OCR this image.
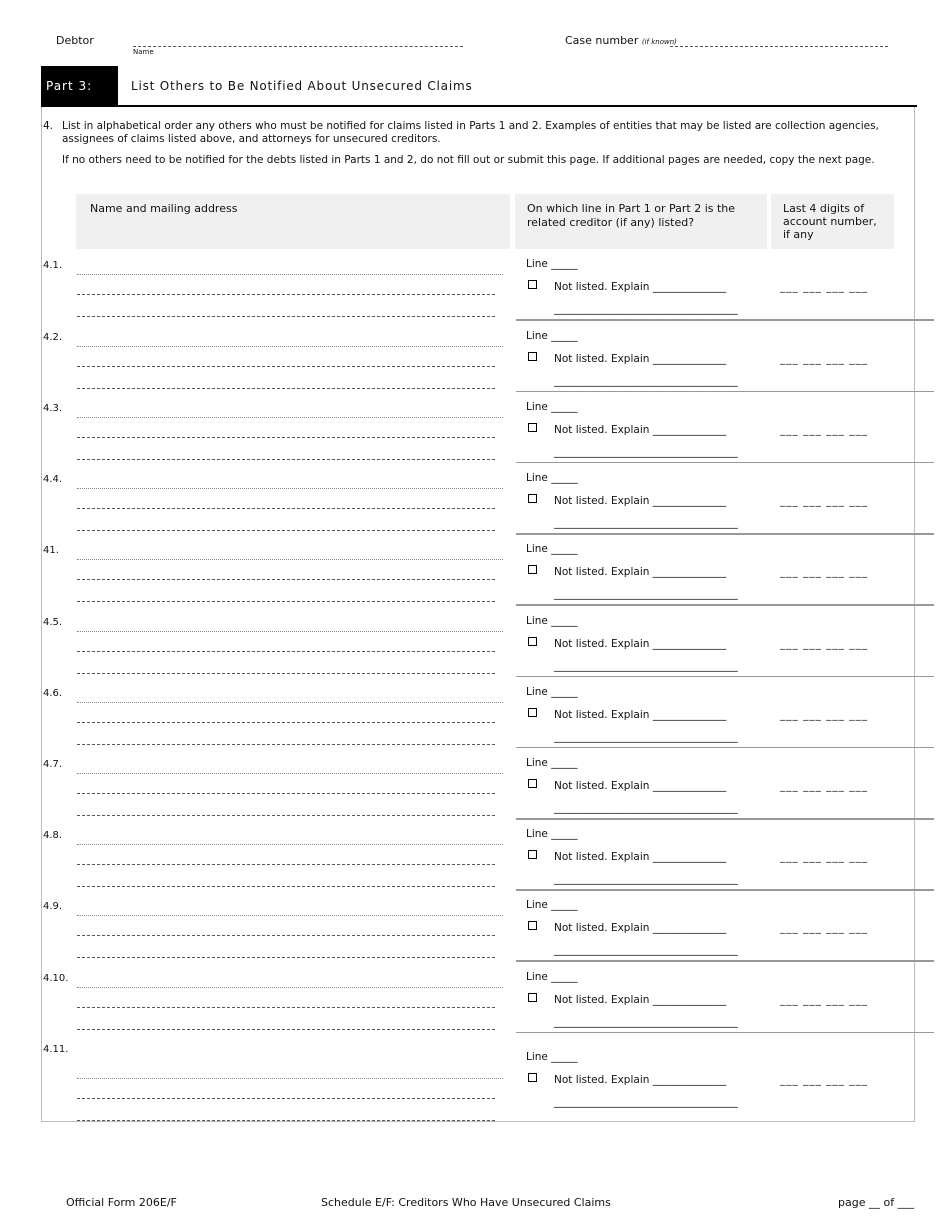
Debtor
Name
Case number (if known)
Part 3:	List Others to Be Notified About Unsecured Claims
4. List in alphabetical order any others who must be notified for claims listed in Parts 1 and 2. Examples of entities that may be listed are collection agencies, assignees of claims listed above, and attorneys for unsecured creditors.
If no others need to be notified for the debts listed in Parts 1 and 2, do not fill out or submit this page. If additional pages are needed, copy the next page.
Name and mailing address	On which line in Part 1 or Part 2 is the related creditor (if any) listed?
Last 4 digits of account number, if any
4.1.	Line _____
Not listed. Explain ______________
___________________________________
___ ___ ___ ___
4.2.	Line _____
Not listed. Explain ______________
___________________________________
___ ___ ___ ___
4.3.	Line _____
Not listed. Explain ______________
___________________________________
___ ___ ___ ___
4.4.	Line _____
Not listed. Explain ______________
___________________________________
___ ___ ___ ___
41.	Line _____
Not listed. Explain ______________
___________________________________
___ ___ ___ ___
4.5.	Line _____
Not listed. Explain ______________
___________________________________
___ ___ ___ ___
4.6.	Line _____
Not listed. Explain ______________
___________________________________
___ ___ ___ ___
4.7.	Line _____
Not listed. Explain ______________
___________________________________
___ ___ ___ ___
4.8.	Line _____
Not listed. Explain ______________
___________________________________
___ ___ ___ ___
4.9.	Line _____
Not listed. Explain ______________
___________________________________
___ ___ ___ ___
4.10.	Line _____
Not listed. Explain ______________
___________________________________
___ ___ ___ ___
4.11.
Line _____
Not listed. Explain ______________
___________________________________
___ ___ ___ ___
Official Form 206E/F	Schedule E/F: Creditors Who Have Unsecured Claims	page __ of ___
